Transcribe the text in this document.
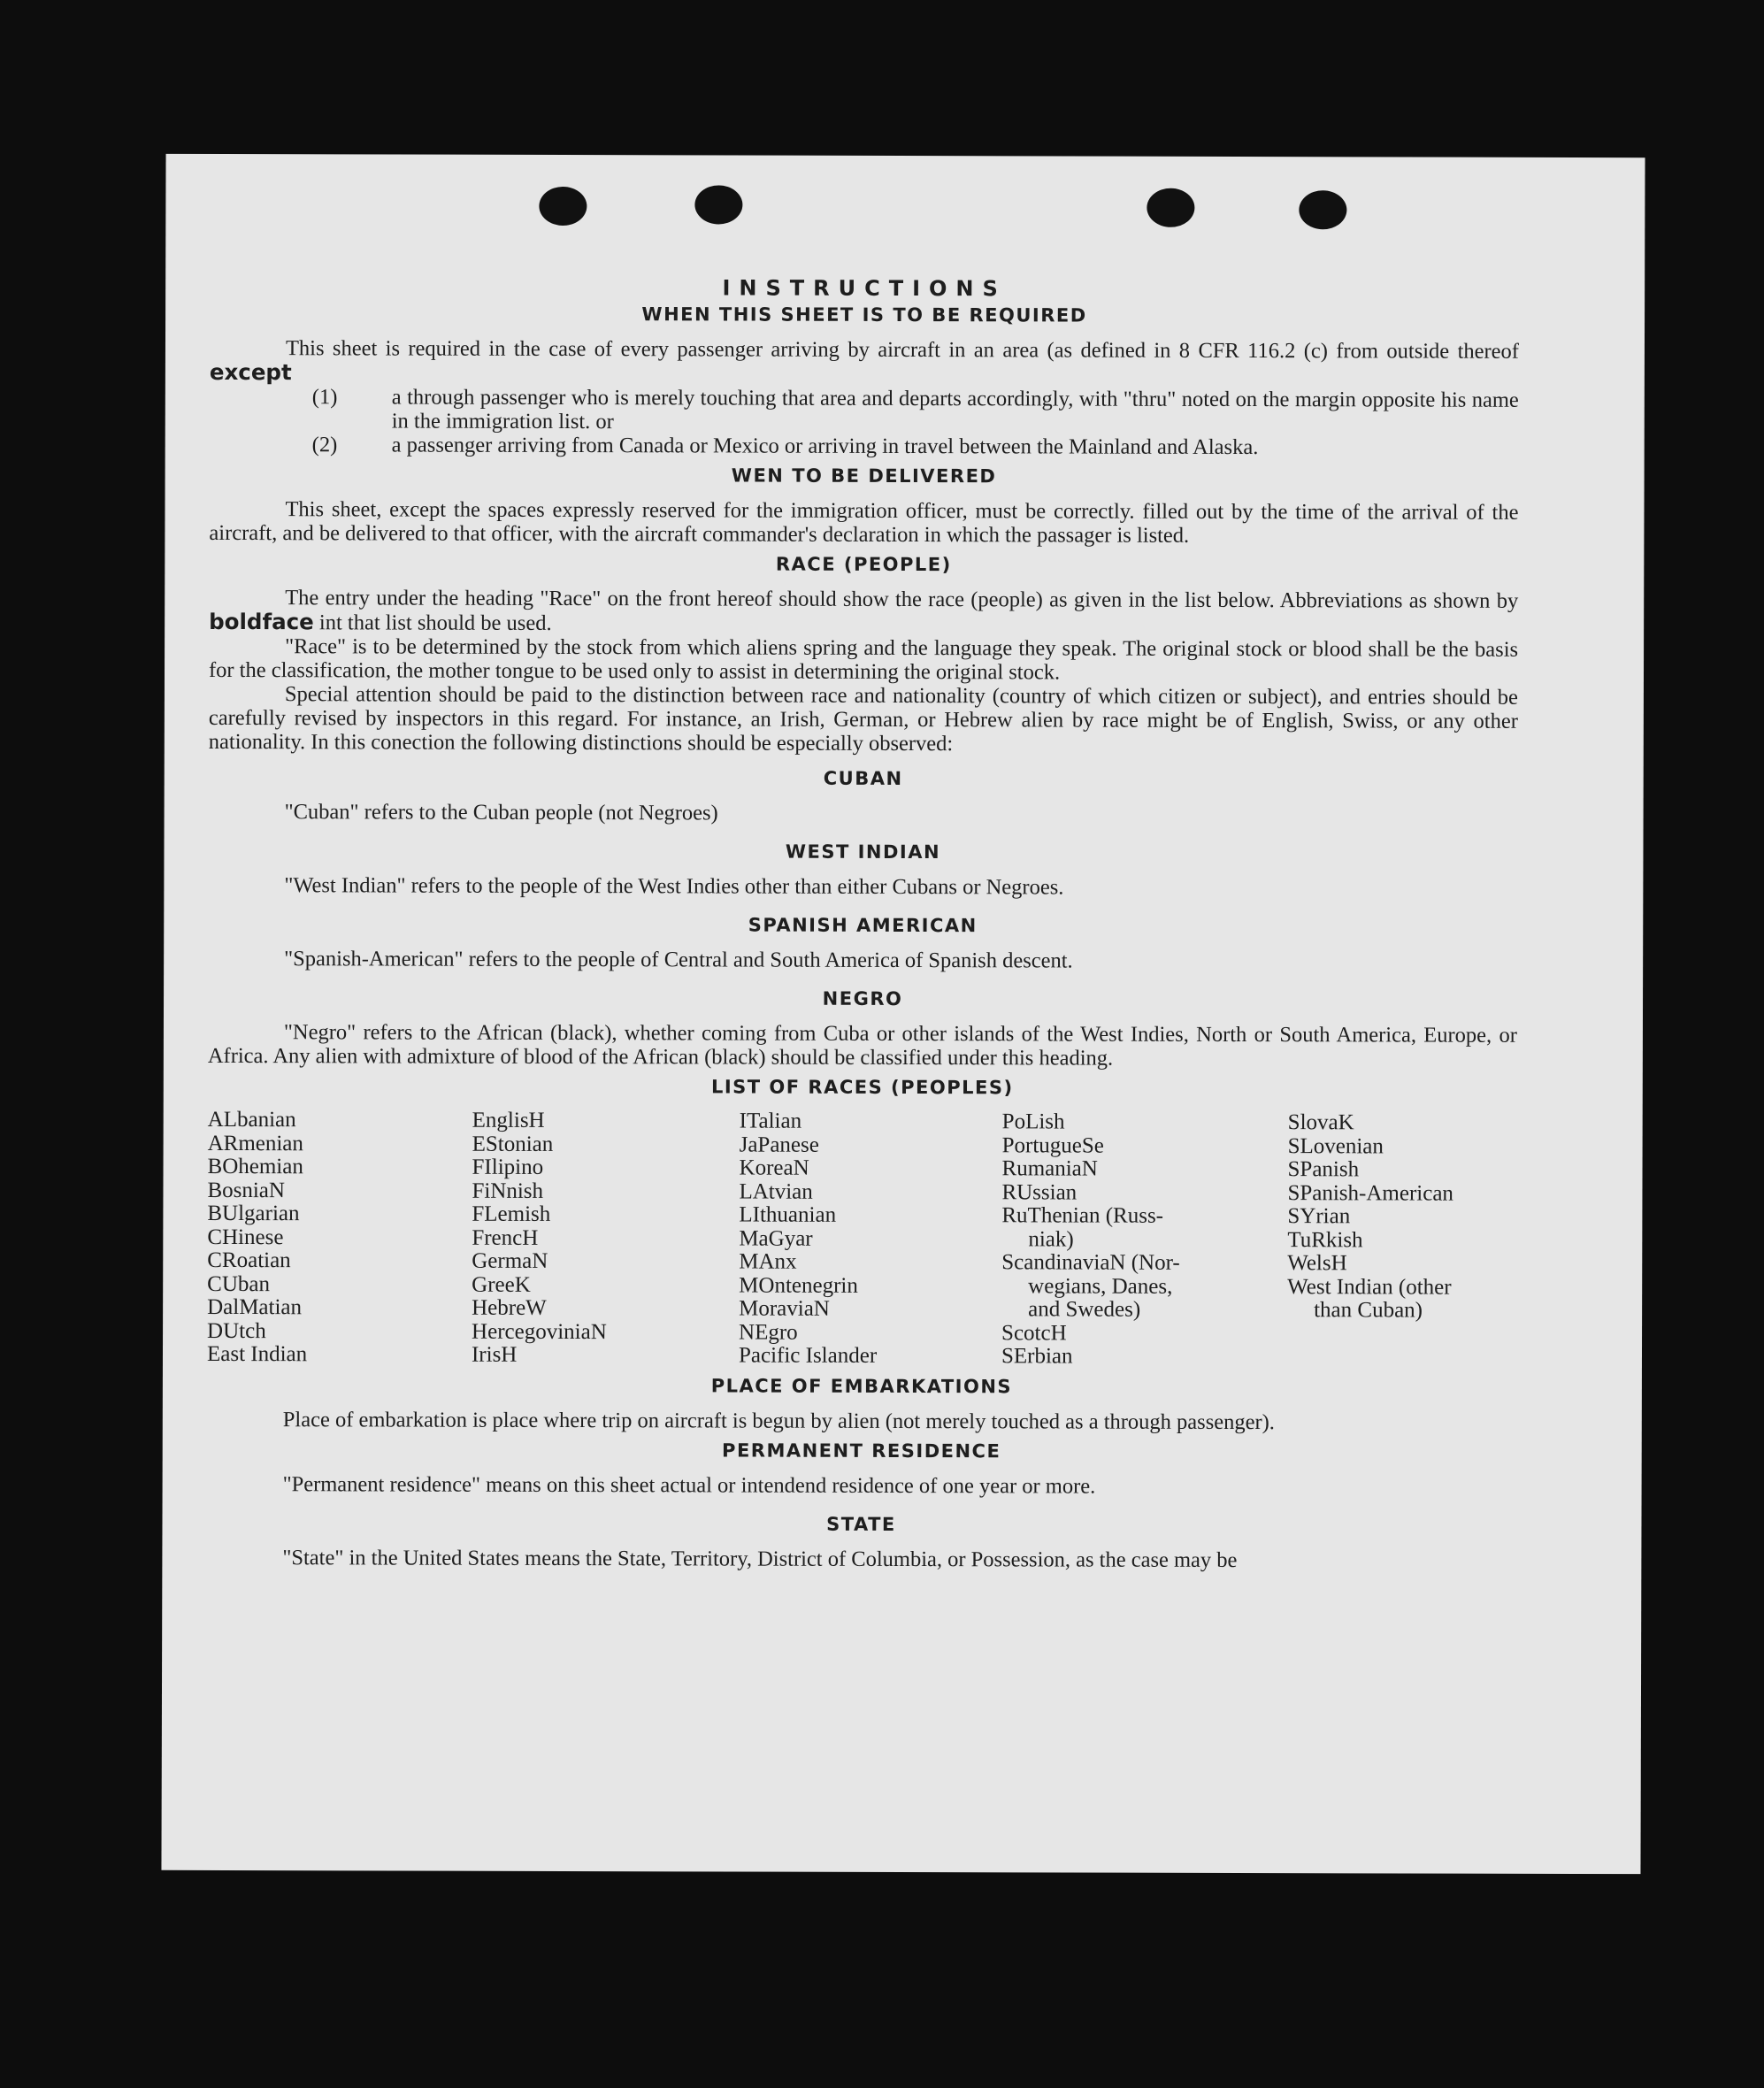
INSTRUCTIONS
WHEN THIS SHEET IS TO BE REQUIRED

This sheet is required in the case of every passenger arriving by aircraft in an area (as defined in 8 CFR 116.2 (c) from outside thereof except

(1)	a through passenger who is merely touching that area and departs accordingly, with "thru" noted on the margin opposite his name in the immigration list. or
(2)	a passenger arriving from Canada or Mexico or arriving in travel between the Mainland and Alaska.
WEN TO BE DELIVERED

This sheet, except the spaces expressly reserved for the immigration officer, must be correctly. filled out by the time of the arrival of the aircraft, and be delivered to that officer, with the aircraft commander's declaration in which the passager is listed.

RACE (PEOPLE)

The entry under the heading "Race" on the front hereof should show the race (people) as given in the list below. Abbreviations as shown by boldface int that list should be used.

"Race" is to be determined by the stock from which aliens spring and the language they speak. The original stock or blood shall be the basis for the classification, the mother tongue to be used only to assist in determining the original stock.

Special attention should be paid to the distinction between race and nationality (country of which citizen or subject), and entries should be carefully revised by inspectors in this regard. For instance, an Irish, German, or Hebrew alien by race might be of English, Swiss, or any other nationality. In this conection the following distinctions should be especially observed:

CUBAN

"Cuban" refers to the Cuban people (not Negroes)

WEST INDIAN

"West Indian" refers to the people of the West Indies other than either Cubans or Negroes.

SPANISH AMERICAN

"Spanish-American" refers to the people of Central and South America of Spanish descent.

NEGRO

"Negro" refers to the African (black), whether coming from Cuba or other islands of the West Indies, North or South America, Europe, or Africa. Any alien with admixture of blood of the African (black) should be classified under this heading.

LIST OF RACES (PEOPLES)
ALbanian
ARmenian
BOhemian
BosniaN
BUlgarian
CHinese
CRoatian
CUban
DalMatian
DUtch
East Indian
EnglisH
EStonian
FIlipino
FiNnish
FLemish
FrencH
GermaN
GreeK
HebreW
HercegoviniaN
IrisH
ITalian
JaPanese
KoreaN
LAtvian
LIthuanian
MaGyar
MAnx
MOntenegrin
MoraviaN
NEgro
Pacific Islander
PoLish
PortugueSe
RumaniaN
RUssian
RuThenian (Russ-
niak)
ScandinaviaN (Nor-
wegians, Danes,
and Swedes)
ScotcH
SErbian
SlovaK
SLovenian
SPanish
SPanish-American
SYrian
TuRkish
WelsH
West Indian (other
than Cuban)
PLACE OF EMBARKATIONS

Place of embarkation is place where trip on aircraft is begun by alien (not merely touched as a through passenger).

PERMANENT RESIDENCE

"Permanent residence" means on this sheet actual or intendend residence of one year or more.

STATE

"State" in the United States means the State, Territory, District of Columbia, or Possession, as the case may be
